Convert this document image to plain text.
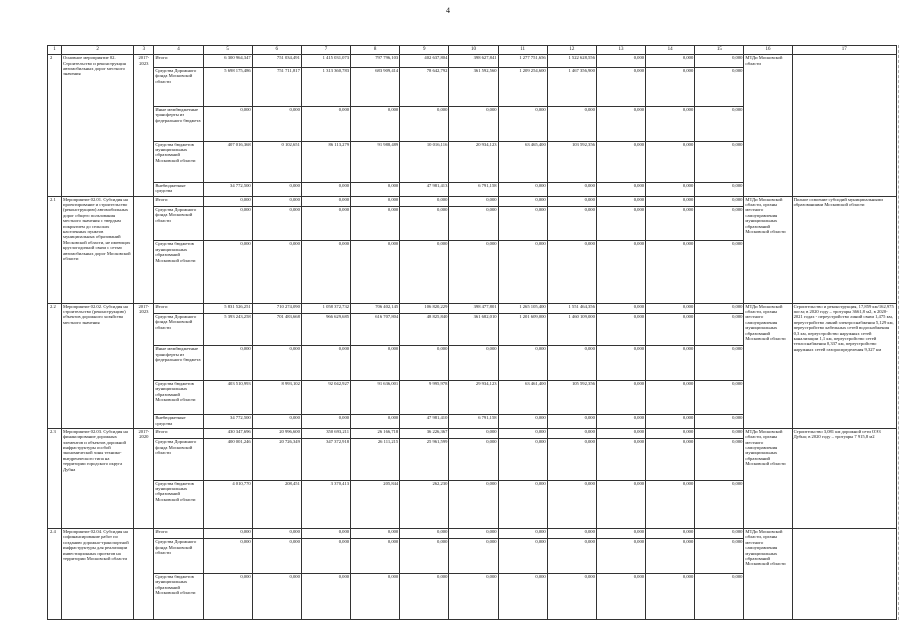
4
1	2	3	4	5	6	7	8	9	10	11	12	13	14	15	16	17
2	Основное мероприятие 02. Строительство и реконструкция автомобильных дорог местного значения	2017-2023	Итого:	6 300 964,347	751 034,491	1 415 031,073	797 796,103	402 637,804	398 627,841	1 277 751,656	1 522 628,556	0,000	0,000	0,000	МТДи Московской области	
			Средства Дорожного фонда Московской области	5 698 175,486	751 711,817	1 313 360,783	683 909,414	78 642,792	361 592,560	1 209 254,600	1 467 356,900	0,000	0,000	0,000		
			Иные межбюджетные трансферты из федерального бюджета	0,000	0,000	0,000	0,000	0,000	0,000	0,000	0,000	0,000	0,000	0,000		
			Средства бюджетов муниципальных образований Московской области	407 016,368	0 102,651	86 113,279	91 988,489	10 016,116	20 934,123	63 465,400	103 592,356	0,000	0,000	0,000		
			Внебюджетные средства	34 772,500	0,000	0,000	0,000	47 981,413	6 791,158	0,000	0,000	0,000	0,000	0,000		
2.1	Мероприятие 02.01. Субсидия на проектирование и строительство (реконструкцию) автомобильных дорог общего пользования местного значения с твердым покрытием до сельских населенных пунктов муниципальных образований Московской области, не имеющих круглогодичной связи с сетью автомобильных дорог Московской области		Итого:	0,000	0,000	0,000	0,000	0,000	0,000	0,000	0,000	0,000	0,000	0,000	МТДи Московской области, органы местного самоуправления муниципальных образований Московской области	Полное освоение субсидий муниципальными образованиями Московской области
			Средства Дорожного фонда Московской области	0,000	0,000	0,000	0,000	0,000	0,000	0,000	0,000	0,000	0,000	0,000		
			Средства бюджетов муниципальных образований Московской области	0,000	0,000	0,000	0,000	0,000	0,000	0,000	0,000	0,000	0,000	0,000		
2.2	Мероприятие 02.02. Субсидия на строительство (реконструкцию) объектов дорожного хозяйства местного значения	2017-2023	Итого:	5 831 526,251	710 274,090	1 058 372,732	706 402,145	106 820,229	398 477,801	1 265 105,400	1 551 464,356	0,000	0,000	0,000	МТДи Московской области, органы местного самоуправления муниципальных образований Московской области	Строительство и реконструкция, 17,859 км/162,975 пог.м; в 2020 году – тротуары 3661,8 м2, в 2020-2021 годах - переустройство линий связи 1,475 км, переустройство линий электроснабжения 5,129 км, переустройство кабельных сетей водоснабжения 0,3 км, переустройство наружных сетей канализации 1,1 км, переустройство сетей теплоснабжения 0,337 км, переустройство наружных сетей газораспределения 9,327 км
			Средства Дорожного фонда Московской области	5 393 243,258	701 483,668	966 629,685	616 707,804	48 825,840	361 682,010	1 201 609,000	1 460 109,000	0,000	0,000	0,000		
			Иные межбюджетные трансферты из федерального бюджета	0,000	0,000	0,000	0,000	0,000	0,000	0,000	0,000	0,000	0,000	0,000		
			Средства бюджетов муниципальных образований Московской области	403 510,993	8 993,102	92 042,927	91 636,001	9 995,978	29 934,123	63 461,400	105 592,356	0,000	0,000	0,000		
			Внебюджетные средства	34 772,500	0,000	0,000	0,000	47 981,410	6 791,158	0,000	0,000	0,000	0,000	0,000		
2.3	Мероприятие 02.03. Субсидия на финансирование дорожных элементов и объектов дорожной инфраструктуры особой экономической зоны технико-внедренческого типа на территории городского округа Дубна	2017-2020	Итого:	430 347,696	20 996,600	350 693,211	26 166,718	36 226,367	0,000	0,000	0,000	0,000	0,000	0,000	МТДи Московской области, органы местного самоуправления муниципальных образований Московской области	Строительство 3,081 км дорожной сети ОЭЗ Дубна; в 2020 году – тротуары 7 915,8 м2
			Средства Дорожного фонда Московской области	400 001,246	20 726,349	347 372,918	26 111,215	25 961,599	0,000	0,000	0,000	0,000	0,000	0,000		
			Средства бюджетов муниципальных образований Московской области	4 010,770	208,451	3 370,413	205,844	262,230	0,000	0,000	0,000	0,000	0,000	0,000		
2.4	Мероприятие 02.04. Субсидия на софинансирование работ по созданию дорожно-транспортной инфраструктуры для реализации инвестиционных проектов на территории Московской области		Итого:	0,000	0,000	0,000	0,000	0,000	0,000	0,000	0,000	0,000	0,000	0,000	МТДи Московской области, органы местного самоуправления муниципальных образований Московской области	
			Средства Дорожного фонда Московской области	0,000	0,000	0,000	0,000	0,000	0,000	0,000	0,000	0,000	0,000	0,000		
			Средства бюджетов муниципальных образований Московской области	0,000	0,000	0,000	0,000	0,000	0,000	0,000	0,000	0,000	0,000	0,000		
